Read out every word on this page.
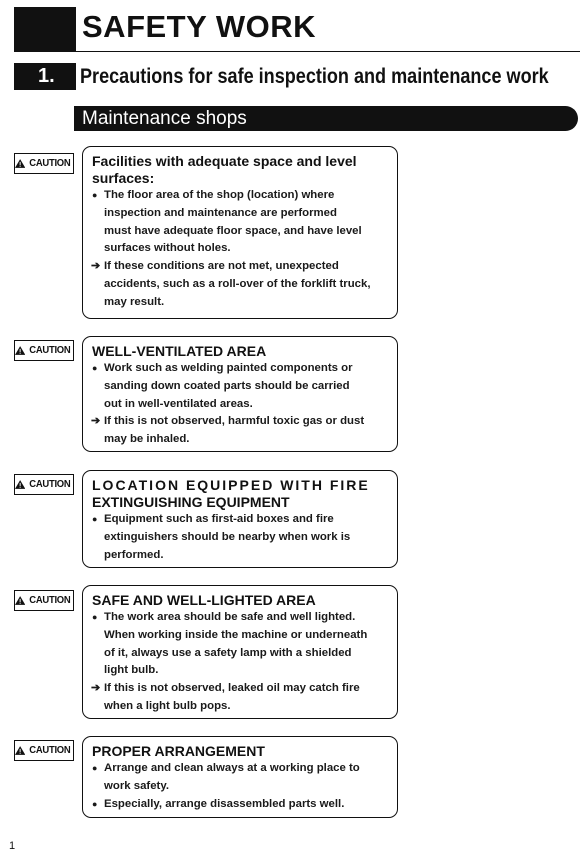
SAFETY WORK
1.	Precautions for safe inspection and maintenance work
Maintenance shops
CAUTION Facilities with adequate space and level

surfaces:

● The floor area of the shop (location) where

inspection and maintenance are performed

must have adequate floor space, and have level

surfaces without holes.

➔ If these conditions are not met, unexpected

accidents, such as a roll-over of the forklift truck,

may result.

CAUTION WELL-VENTILATED AREA

● Work such as welding painted components or

sanding down coated parts should be carried

out in well-ventilated areas.

➔ If this is not observed, harmful toxic gas or dust

may be inhaled.

CAUTION LOCATION EQUIPPED WITH FIRE

EXTINGUISHING EQUIPMENT

● Equipment such as first-aid boxes and fire

extinguishers should be nearby when work is

performed.

CAUTION SAFE AND WELL-LIGHTED AREA

● The work area should be safe and well lighted.

When working inside the machine or underneath

of it, always use a safety lamp with a shielded

light bulb.

➔ If this is not observed, leaked oil may catch fire

when a light bulb pops.

CAUTION PROPER ARRANGEMENT

● Arrange and clean always at a working place to

work safety.

● Especially, arrange disassembled parts well.

1
